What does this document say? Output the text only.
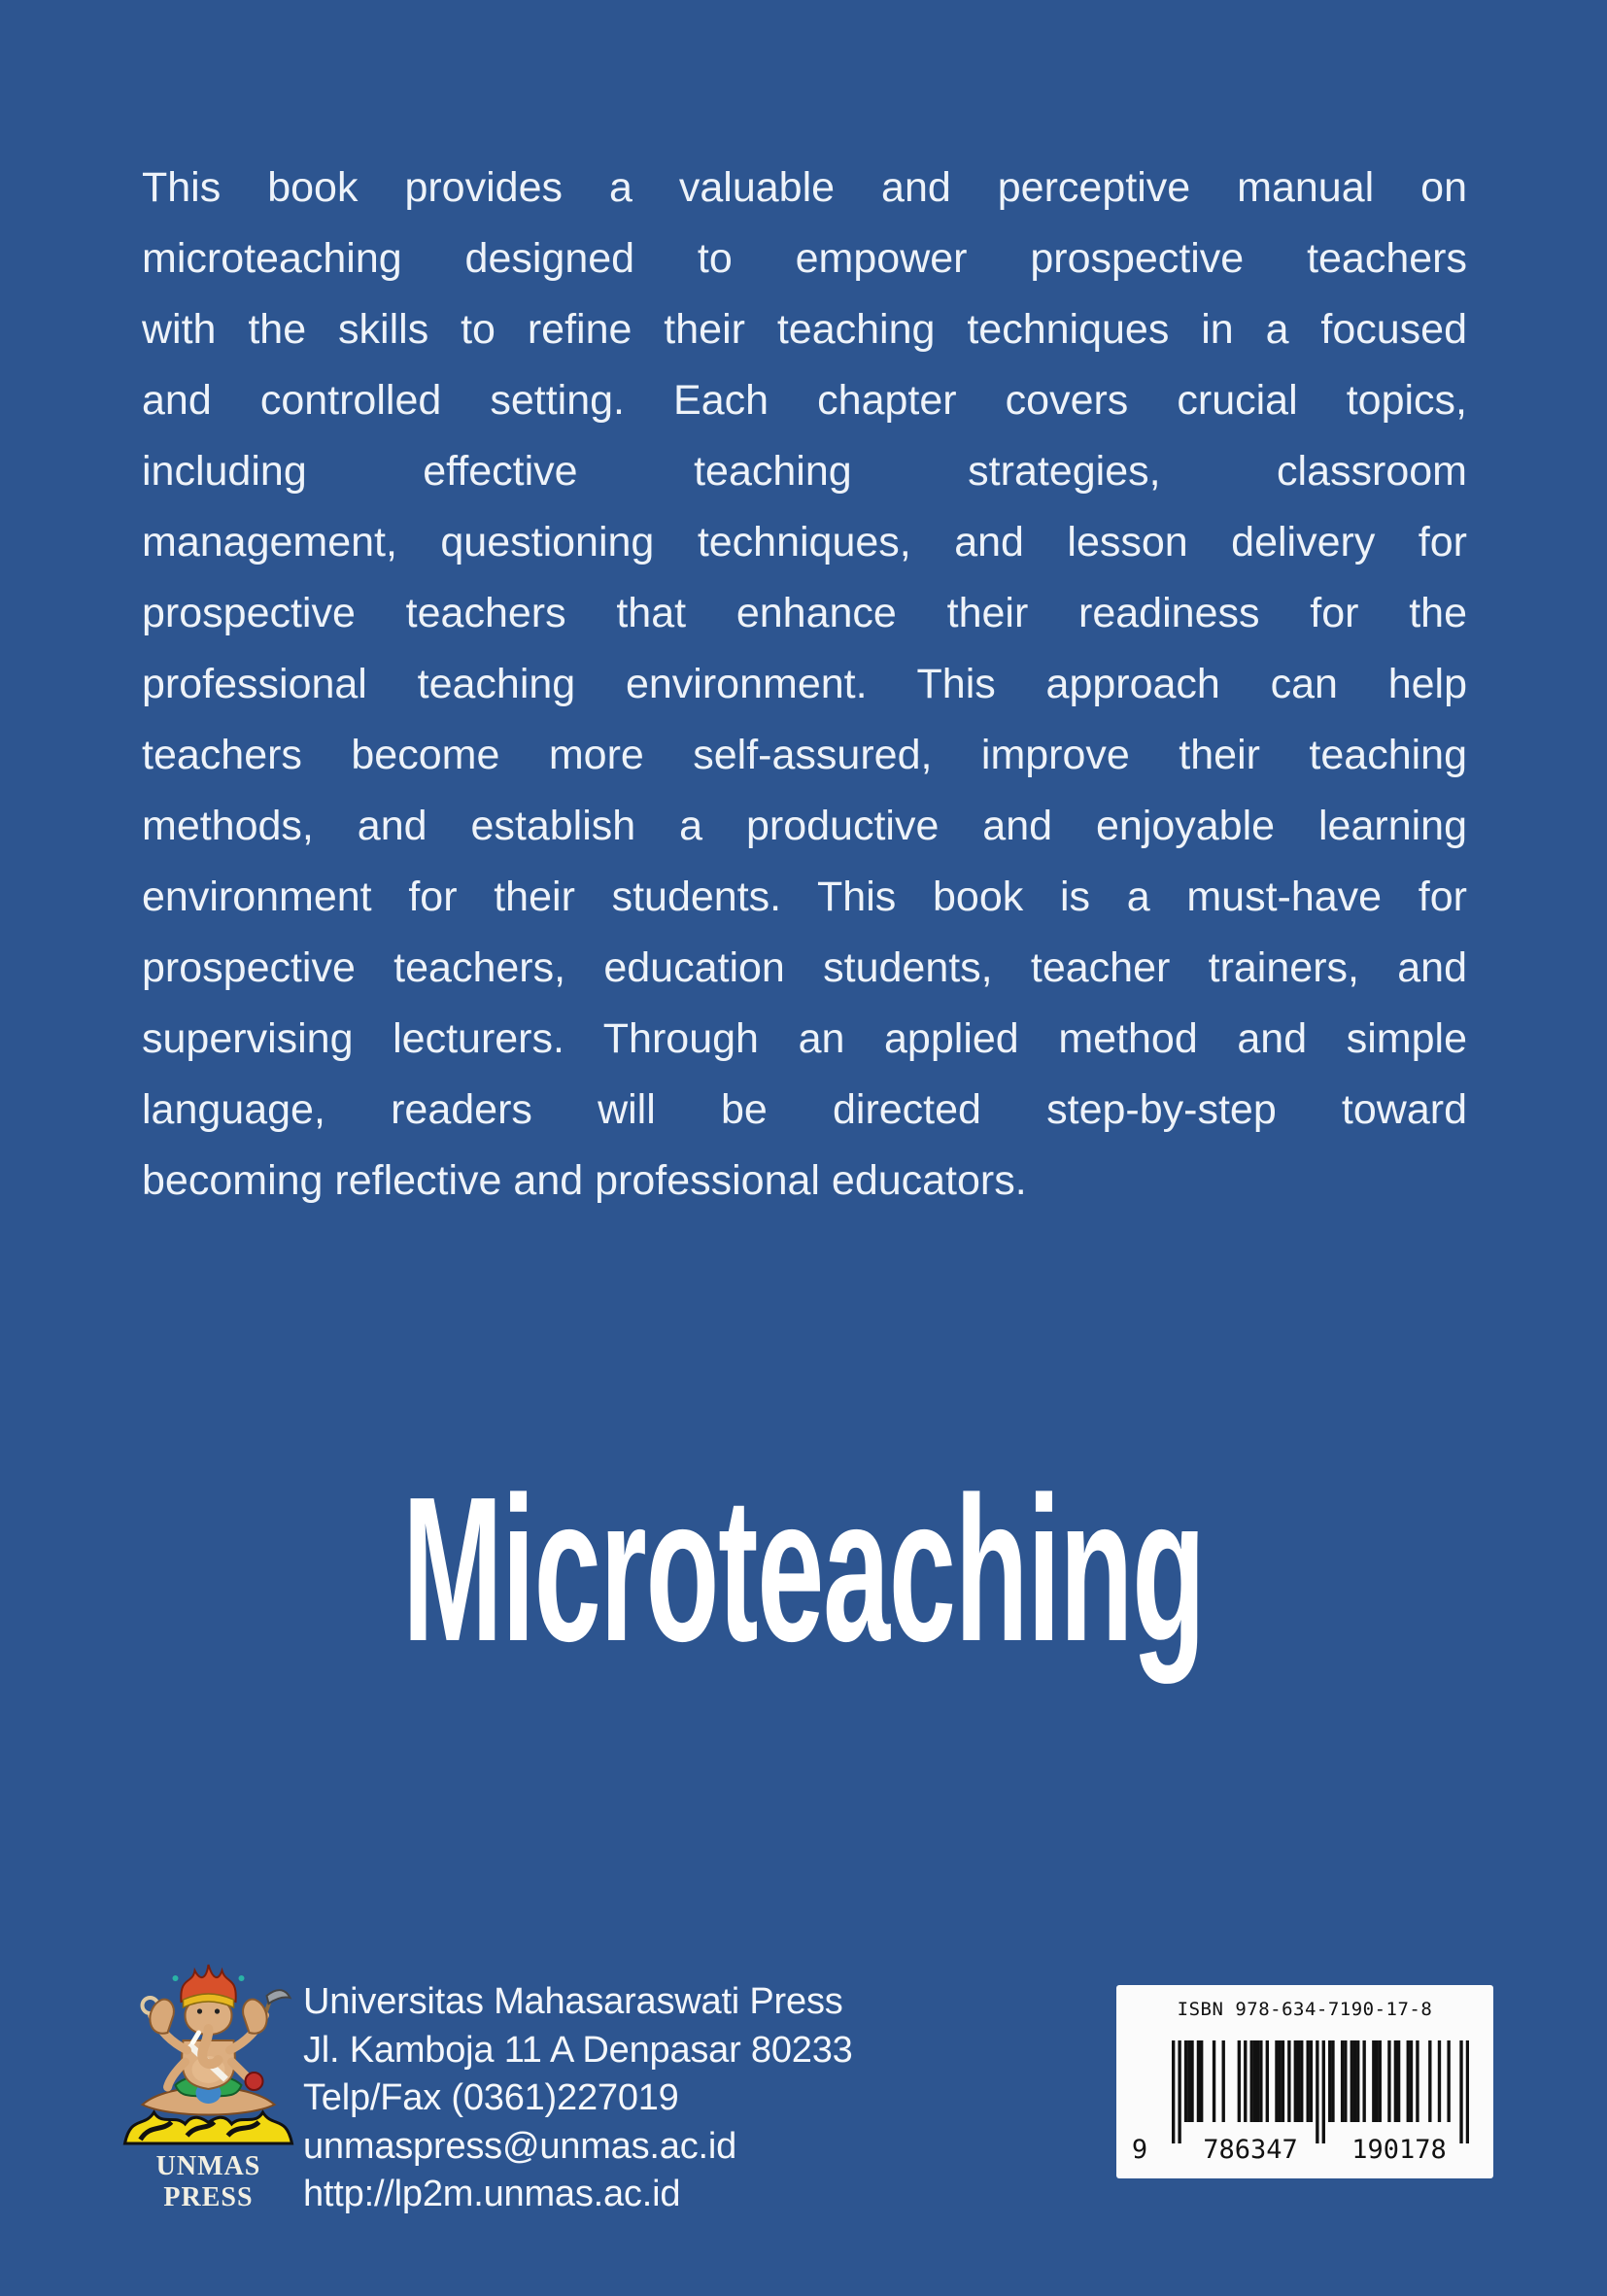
This book provides a valuable and perceptive manual on
microteaching designed to empower prospective teachers
with the skills to refine their teaching techniques in a focused
and controlled setting. Each chapter covers crucial topics,
including effective teaching strategies, classroom
management, questioning techniques, and lesson delivery for
prospective teachers that enhance their readiness for the
professional teaching environment. This approach can help
teachers become more self-assured, improve their teaching
methods, and establish a productive and enjoyable learning
environment for their students. This book is a must-have for
prospective teachers, education students, teacher trainers, and
supervising lecturers. Through an applied method and simple
language, readers will be directed step-by-step toward
becoming reflective and professional educators.
Microteaching
UNMAS PRESS
Universitas Mahasaraswati Press
Jl. Kamboja 11 A Denpasar 80233
Telp/Fax (0361)227019
unmaspress@unmas.ac.id
http://lp2m.unmas.ac.id
ISBN 978-634-7190-17-8
9 786347 190178
